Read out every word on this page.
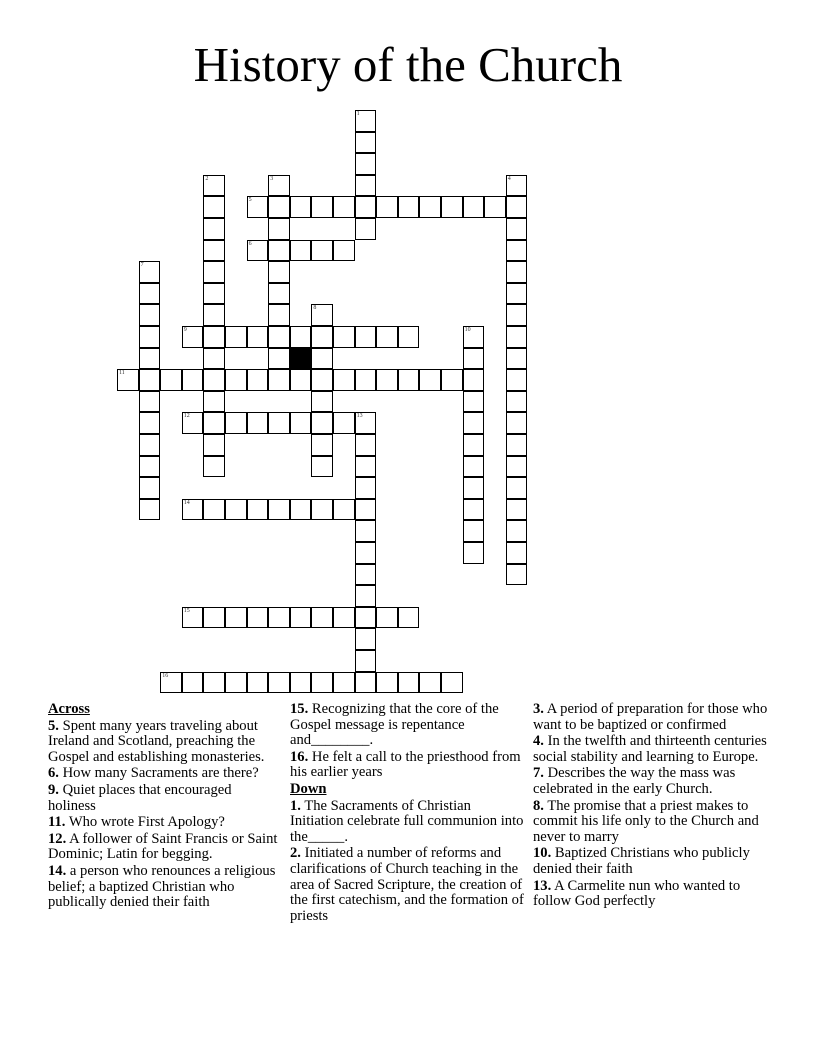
History of the Church
1
2	3	4
5
6
7
8
9	10
11
12	13
14
15
16
Across
5. Spent many years traveling about Ireland and Scotland, preaching the Gospel and establishing monasteries.
6. How many Sacraments are there?
9. Quiet places that encouraged holiness
11. Who wrote First Apology?
12. A follower of Saint Francis or Saint Dominic; Latin for begging.
14. a person who renounces a religious belief; a baptized Christian who publically denied their faith
15. Recognizing that the core of the Gospel message is repentance and________.
16. He felt a call to the priesthood from his earlier years
Down
1. The Sacraments of Christian Initiation celebrate full communion into the_____.
2. Initiated a number of reforms and clarifications of Church teaching in the area of Sacred Scripture, the creation of the first catechism, and the formation of priests
3. A period of preparation for those who want to be baptized or confirmed
4. In the twelfth and thirteenth centuries social stability and learning to Europe.
7. Describes the way the mass was celebrated in the early Church.
8. The promise that a priest makes to commit his life only to the Church and never to marry
10. Baptized Christians who publicly denied their faith
13. A Carmelite nun who wanted to follow God perfectly
